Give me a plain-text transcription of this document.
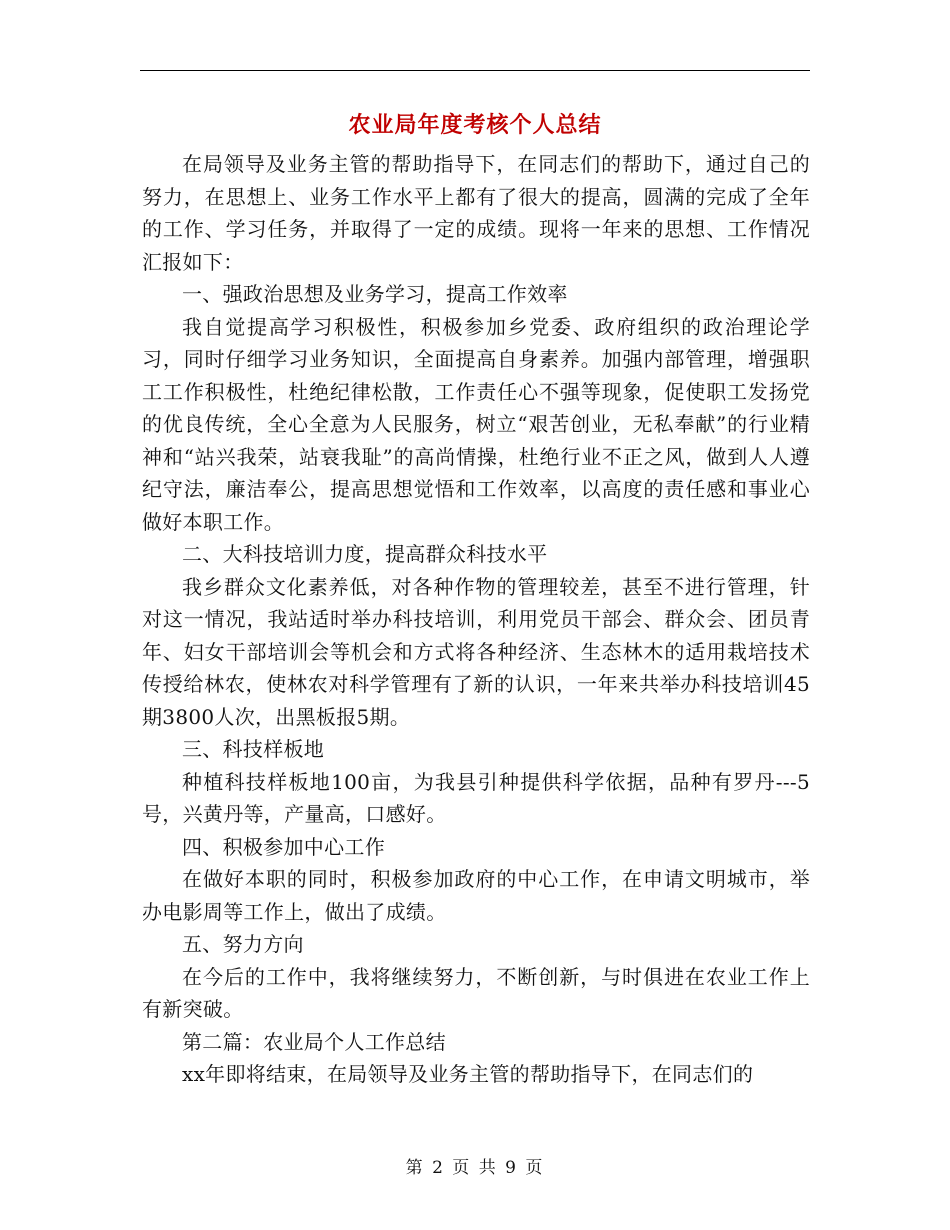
农业局年度考核个人总结

在局领导及业务主管的帮助指导下，在同志们的帮助下，通过自己的努力，在思想上、业务工作水平上都有了很大的提高，圆满的完成了全年的工作、学习任务，并取得了一定的成绩。现将一年来的思想、工作情况汇报如下：

一、强政治思想及业务学习，提高工作效率

我自觉提高学习积极性，积极参加乡党委、政府组织的政治理论学习，同时仔细学习业务知识，全面提高自身素养。加强内部管理，增强职工工作积极性，杜绝纪律松散，工作责任心不强等现象，促使职工发扬党的优良传统，全心全意为人民服务，树立“艰苦创业，无私奉献”的行业精神和“站兴我荣，站衰我耻”的高尚情操，杜绝行业不正之风，做到人人遵纪守法，廉洁奉公，提高思想觉悟和工作效率，以高度的责任感和事业心做好本职工作。

二、大科技培训力度，提高群众科技水平

我乡群众文化素养低，对各种作物的管理较差，甚至不进行管理，针对这一情况，我站适时举办科技培训，利用党员干部会、群众会、团员青年、妇女干部培训会等机会和方式将各种经济、生态林木的适用栽培技术传授给林农，使林农对科学管理有了新的认识，一年来共举办科技培训45期3800人次，出黑板报5期。

三、科技样板地

种植科技样板地100亩，为我县引种提供科学依据，品种有罗丹---5号，兴黄丹等，产量高，口感好。

四、积极参加中心工作

在做好本职的同时，积极参加政府的中心工作，在申请文明城市，举办电影周等工作上，做出了成绩。

五、努力方向

在今后的工作中，我将继续努力，不断创新，与时俱进在农业工作上有新突破。

第二篇：农业局个人工作总结

xx年即将结束，在局领导及业务主管的帮助指导下，在同志们的

第 2 页 共 9 页
